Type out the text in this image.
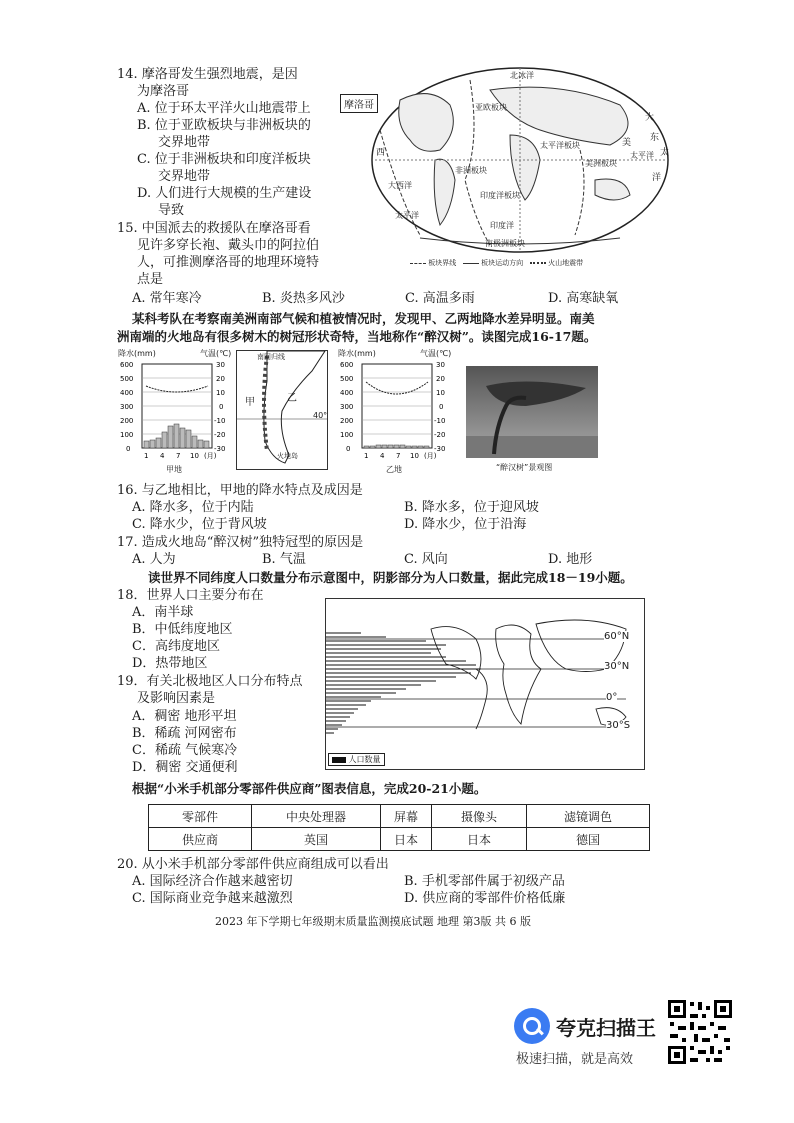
14. 摩洛哥发生强烈地震，是因
为摩洛哥
A. 位于环太平洋火山地震带上
B. 位于亚欧板块与非洲板块的
交界地带
C. 位于非洲板块和印度洋板块
交界地带
D. 人们进行大规模的生产建设
导致
摩洛哥
北冰洋
亚欧板块
太平洋板块
非洲板块
印度洋板块
美洲板块
南极洲板块
大西洋
太平洋
印度洋
太平洋
东
西
大
洋
美
太
板块界线	板块运动方向	火山地震带
15. 中国派去的救援队在摩洛哥看
见许多穿长袍、戴头巾的阿拉伯
人，可推测摩洛哥的地理环境特
点是
A. 常年寒冷	B. 炎热多风沙	C. 高温多雨	D. 高寒缺氧
某科考队在考察南美洲南部气候和植被情况时，发现甲、乙两地降水差异明显。南美
洲南端的火地岛有很多树木的树冠形状奇特，当地称作“醉汉树”。读图完成16-17题。
降水(mm)	气温(℃)
600
500
400
300
200
100
0
30
20
10
0
-10
-20
-30
1 4 7 10 (月)
甲地
南回归线
甲	乙
40°
火地岛
降水(mm)	气温(℃)
600
500
400
300
200
100
0
30
20
10
0
-10
-20
-30
1 4 7 10 (月)
乙地	“醉汉树”景观图
16. 与乙地相比，甲地的降水特点及成因是
A. 降水多，位于内陆	B. 降水多，位于迎风坡
C. 降水少，位于背风坡	D. 降水少，位于沿海
17. 造成火地岛“醉汉树”独特冠型的原因是
A. 人为	B. 气温	C. 风向	D. 地形
读世界不同纬度人口数量分布示意图中，阴影部分为人口数量，据此完成18－19小题。
18．世界人口主要分布在
A．南半球
B．中低纬度地区
C．高纬度地区
D．热带地区
19．有关北极地区人口分布特点
及影响因素是
A．稠密 地形平坦
B．稀疏 河网密布
C．稀疏 气候寒冷
D．稠密 交通便利
60°N
30°N
0°
30°S
人口数量
根据“小米手机部分零部件供应商”图表信息，完成20-21小题。
零部件	中央处理器	屏幕	摄像头	滤镜调色
供应商	英国	日本	日本	德国
20. 从小米手机部分零部件供应商组成可以看出
A. 国际经济合作越来越密切	B. 手机零部件属于初级产品
C. 国际商业竞争越来越激烈	D. 供应商的零部件价格低廉
2023 年下学期七年级期末质量监测摸底试题 地理 第3版 共 6 版
夸克扫描王
极速扫描，就是高效
